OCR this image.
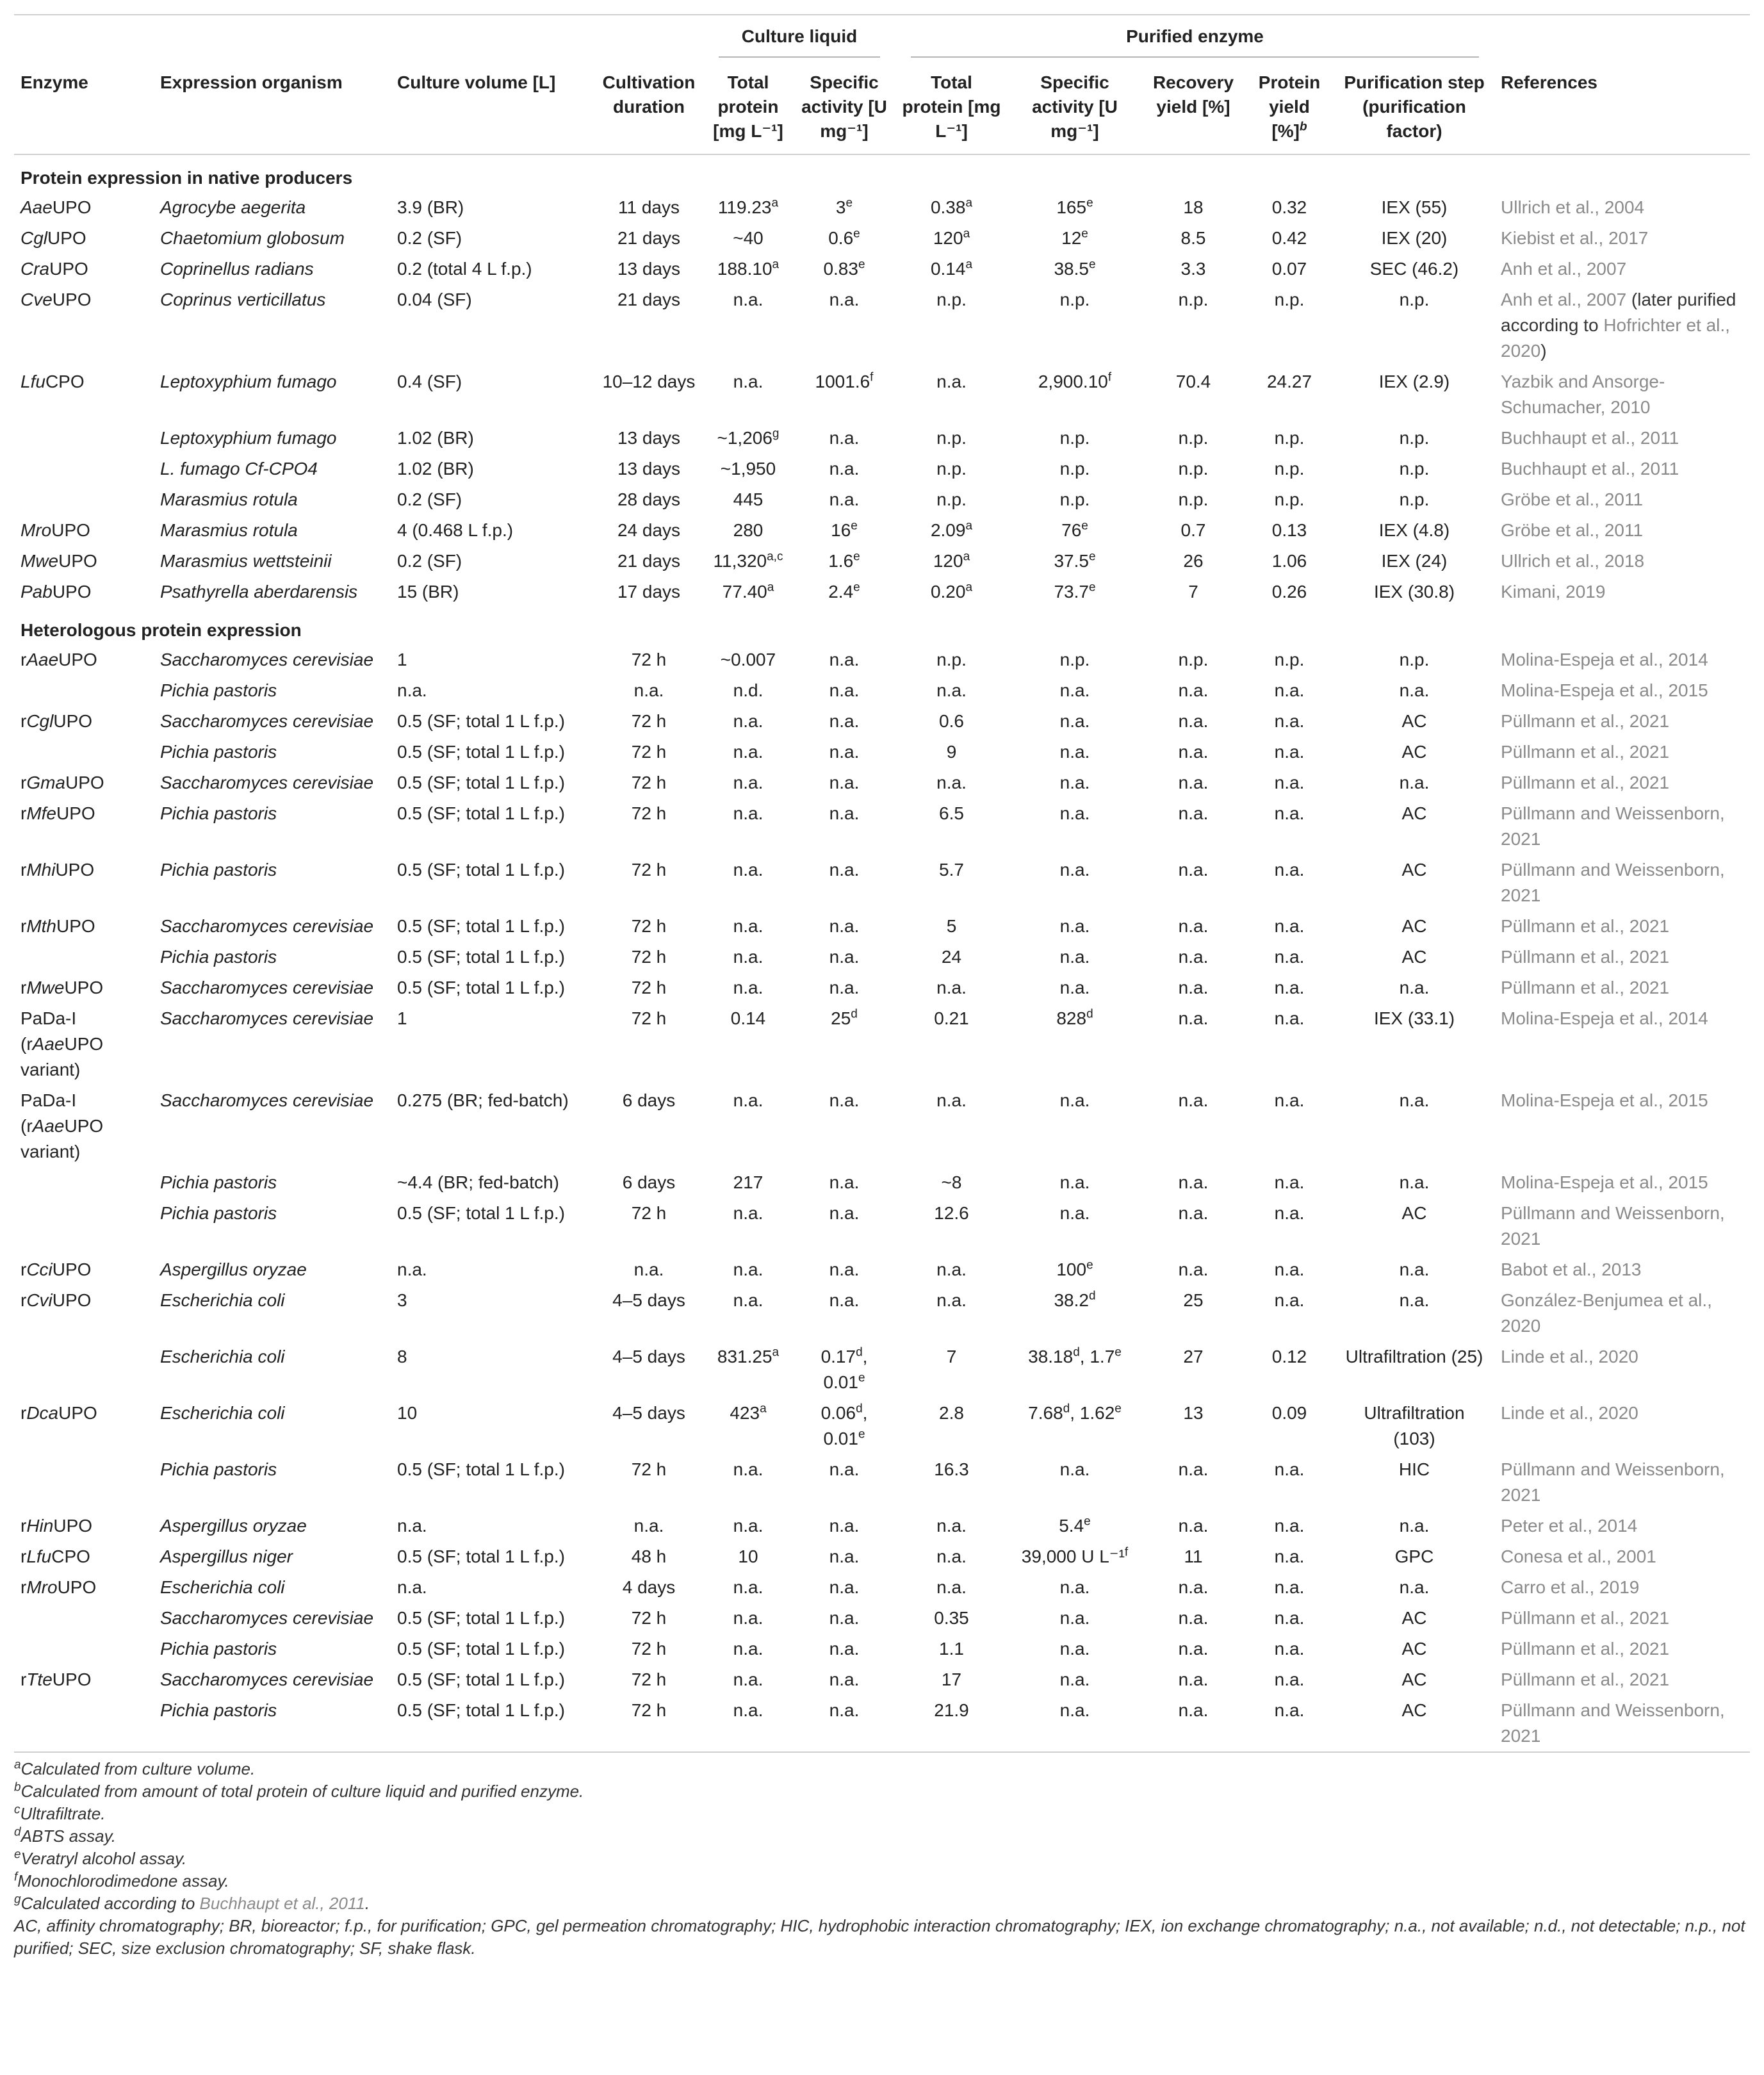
				Culture liquid		Purified enzyme					

Enzyme	Expression organism	Culture volume [L]	Cultivation duration	Total protein [mg L⁻¹]	Specific activity [U mg⁻¹]	Total protein [mg L⁻¹]	Specific activity [U mg⁻¹]	Recovery yield [%]	Protein yield [%]$^b$	Purification step (purification factor)	References
Protein expression in native producers											
AaeUPO	Agrocybe aegerita	3.9 (BR)	11 days	119.23$^a$	3e	0.38$^a$	165e	18	0.32	IEX (55)	Ullrich et al., 2004
CglUPO	Chaetomium globosum	0.2 (SF)	21 days	~40	0.6e	120$^a$	12e	8.5	0.42	IEX (20)	Kiebist et al., 2017
CraUPO	Coprinellus radians	0.2 (total 4 L f.p.)	13 days	188.10$^a$	0.83e	0.14$^a$	38.5e	3.3	0.07	SEC (46.2)	Anh et al., 2007
CveUPO	Coprinus verticillatus	0.04 (SF)	21 days	n.a.	n.a.	n.p.	n.p.	n.p.	n.p.	n.p.	Anh et al., 2007 (later purified according to Hofrichter et al., 2020)
LfuCPO	Leptoxyphium fumago	0.4 (SF)	10–12 days	n.a.	1001.6$^f$	n.a.	2,900.10$^f$	70.4	24.27	IEX (2.9)	Yazbik and Ansorge-Schumacher, 2010
	Leptoxyphium fumago	1.02 (BR)	13 days	~1,206$^g$	n.a.	n.p.	n.p.	n.p.	n.p.	n.p.	Buchhaupt et al., 2011
	L. fumago Cf-CPO4	1.02 (BR)	13 days	~1,950	n.a.	n.p.	n.p.	n.p.	n.p.	n.p.	Buchhaupt et al., 2011
	Marasmius rotula	0.2 (SF)	28 days	445	n.a.	n.p.	n.p.	n.p.	n.p.	n.p.	Gröbe et al., 2011
MroUPO	Marasmius rotula	4 (0.468 L f.p.)	24 days	280	16e	2.09$^a$	76e	0.7	0.13	IEX (4.8)	Gröbe et al., 2011
MweUPO	Marasmius wettsteinii	0.2 (SF)	21 days	11,320$^{a,c}$	1.6e	120$^a$	37.5e	26	1.06	IEX (24)	Ullrich et al., 2018
PabUPO	Psathyrella aberdarensis	15 (BR)	17 days	77.40$^a$	2.4e	0.20$^a$	73.7e	7	0.26	IEX (30.8)	Kimani, 2019
Heterologous protein expression											
rAaeUPO	Saccharomyces cerevisiae	1	72 h	~0.007	n.a.	n.p.	n.p.	n.p.	n.p.	n.p.	Molina-Espeja et al., 2014
	Pichia pastoris	n.a.	n.a.	n.d.	n.a.	n.a.	n.a.	n.a.	n.a.	n.a.	Molina-Espeja et al., 2015
rCglUPO	Saccharomyces cerevisiae	0.5 (SF; total 1 L f.p.)	72 h	n.a.	n.a.	0.6	n.a.	n.a.	n.a.	AC	Püllmann et al., 2021
	Pichia pastoris	0.5 (SF; total 1 L f.p.)	72 h	n.a.	n.a.	9	n.a.	n.a.	n.a.	AC	Püllmann et al., 2021
rGmaUPO	Saccharomyces cerevisiae	0.5 (SF; total 1 L f.p.)	72 h	n.a.	n.a.	n.a.	n.a.	n.a.	n.a.	n.a.	Püllmann et al., 2021
rMfeUPO	Pichia pastoris	0.5 (SF; total 1 L f.p.)	72 h	n.a.	n.a.	6.5	n.a.	n.a.	n.a.	AC	Püllmann and Weissenborn, 2021
rMhiUPO	Pichia pastoris	0.5 (SF; total 1 L f.p.)	72 h	n.a.	n.a.	5.7	n.a.	n.a.	n.a.	AC	Püllmann and Weissenborn, 2021
rMthUPO	Saccharomyces cerevisiae	0.5 (SF; total 1 L f.p.)	72 h	n.a.	n.a.	5	n.a.	n.a.	n.a.	AC	Püllmann et al., 2021
	Pichia pastoris	0.5 (SF; total 1 L f.p.)	72 h	n.a.	n.a.	24	n.a.	n.a.	n.a.	AC	Püllmann et al., 2021
rMweUPO	Saccharomyces cerevisiae	0.5 (SF; total 1 L f.p.)	72 h	n.a.	n.a.	n.a.	n.a.	n.a.	n.a.	n.a.	Püllmann et al., 2021
PaDa-I (rAaeUPO variant)	Saccharomyces cerevisiae	1	72 h	0.14	25$^d$	0.21	828$^d$	n.a.	n.a.	IEX (33.1)	Molina-Espeja et al., 2014
PaDa-I (rAaeUPO variant)	Saccharomyces cerevisiae	0.275 (BR; fed-batch)	6 days	n.a.	n.a.	n.a.	n.a.	n.a.	n.a.	n.a.	Molina-Espeja et al., 2015
	Pichia pastoris	~4.4 (BR; fed-batch)	6 days	217	n.a.	~8	n.a.	n.a.	n.a.	n.a.	Molina-Espeja et al., 2015
	Pichia pastoris	0.5 (SF; total 1 L f.p.)	72 h	n.a.	n.a.	12.6	n.a.	n.a.	n.a.	AC	Püllmann and Weissenborn, 2021
rCciUPO	Aspergillus oryzae	n.a.	n.a.	n.a.	n.a.	n.a.	100e	n.a.	n.a.	n.a.	Babot et al., 2013
rCviUPO	Escherichia coli	3	4–5 days	n.a.	n.a.	n.a.	38.2$^d$	25	n.a.	n.a.	González-Benjumea et al., 2020
	Escherichia coli	8	4–5 days	831.25$^a$	0.17$^d$, 0.01e	7	38.18$^d$, 1.7e	27	0.12	Ultrafiltration (25)	Linde et al., 2020
rDcaUPO	Escherichia coli	10	4–5 days	423$^a$	0.06$^d$, 0.01e	2.8	7.68$^d$, 1.62e	13	0.09	Ultrafiltration (103)	Linde et al., 2020
	Pichia pastoris	0.5 (SF; total 1 L f.p.)	72 h	n.a.	n.a.	16.3	n.a.	n.a.	n.a.	HIC	Püllmann and Weissenborn, 2021
rHinUPO	Aspergillus oryzae	n.a.	n.a.	n.a.	n.a.	n.a.	5.4e	n.a.	n.a.	n.a.	Peter et al., 2014
rLfuCPO	Aspergillus niger	0.5 (SF; total 1 L f.p.)	48 h	10	n.a.	n.a.	39,000 U L⁻¹$^f$	11	n.a.	GPC	Conesa et al., 2001
rMroUPO	Escherichia coli	n.a.	4 days	n.a.	n.a.	n.a.	n.a.	n.a.	n.a.	n.a.	Carro et al., 2019
	Saccharomyces cerevisiae	0.5 (SF; total 1 L f.p.)	72 h	n.a.	n.a.	0.35	n.a.	n.a.	n.a.	AC	Püllmann et al., 2021
	Pichia pastoris	0.5 (SF; total 1 L f.p.)	72 h	n.a.	n.a.	1.1	n.a.	n.a.	n.a.	AC	Püllmann et al., 2021
rTteUPO	Saccharomyces cerevisiae	0.5 (SF; total 1 L f.p.)	72 h	n.a.	n.a.	17	n.a.	n.a.	n.a.	AC	Püllmann et al., 2021
	Pichia pastoris	0.5 (SF; total 1 L f.p.)	72 h	n.a.	n.a.	21.9	n.a.	n.a.	n.a.	AC	Püllmann and Weissenborn, 2021

$^a$Calculated from culture volume.
$^b$Calculated from amount of total protein of culture liquid and purified enzyme.
$^c$Ultrafiltrate.
$^d$ABTS assay.
$^e$Veratryl alcohol assay.
$^f$Monochlorodimedone assay.
$^g$Calculated according to Buchhaupt et al., 2011.
AC, affinity chromatography; BR, bioreactor; f.p., for purification; GPC, gel permeation chromatography; HIC, hydrophobic interaction chromatography; IEX, ion exchange chromatography; n.a., not available; n.d., not detectable; n.p., not purified; SEC, size exclusion chromatography; SF, shake flask.
